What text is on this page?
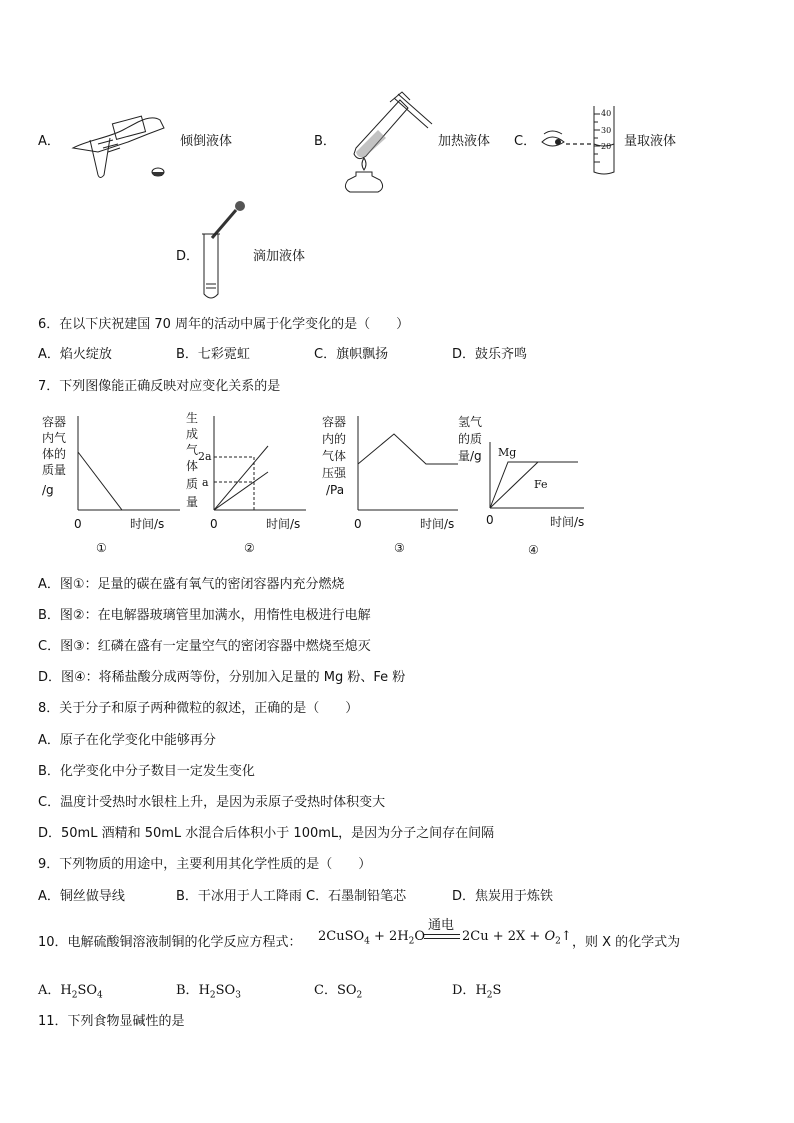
A．	倾倒液体	B．	加热液体 C．
40
30
20 量取液体
D．	滴加液体
6．在以下庆祝建国 70 周年的活动中属于化学变化的是（　　）
A．焰火绽放	B．七彩霓虹	C．旗帜飘扬	D．鼓乐齐鸣
7．下列图像能正确反映对应变化关系的是
容器
内气
体的
质量
/g
0	时间/s
①
生
成
气
体
质
量
2a
a
0	时间/s
②
容器
内的
气体
压强
/Pa
0	时间/s
③
氢气
的质
量/g Mg
Fe
0	时间/s
④
A．图①：足量的碳在盛有氧气的密闭容器内充分燃烧
B．图②：在电解器玻璃管里加满水，用惰性电极进行电解
C．图③：红磷在盛有一定量空气的密闭容器中燃烧至熄灭
D．图④：将稀盐酸分成两等份，分别加入足量的 Mg 粉、Fe 粉
8．关于分子和原子两种微粒的叙述，正确的是（　　）
A．原子在化学变化中能够再分
B．化学变化中分子数目一定发生变化
C．温度计受热时水银柱上升，是因为汞原子受热时体积变大
D．50mL 酒精和 50mL 水混合后体积小于 100mL，是因为分子之间存在间隔
9．下列物质的用途中，主要利用其化学性质的是（　　）
A．铜丝做导线	B．干冰用于人工降雨 C．石墨制铅笔芯	D．焦炭用于炼铁
10．电解硫酸铜溶液制铜的化学反应方程式： 2CuSO$_4$ + $2H_2O$
通电
$2Cu + 2X + O_2↑$ ，则 X 的化学式为
A．$H_2SO_4$	B．$H_2SO_3$	C．$SO_2$	D．$H_2S$
11．下列食物显碱性的是
